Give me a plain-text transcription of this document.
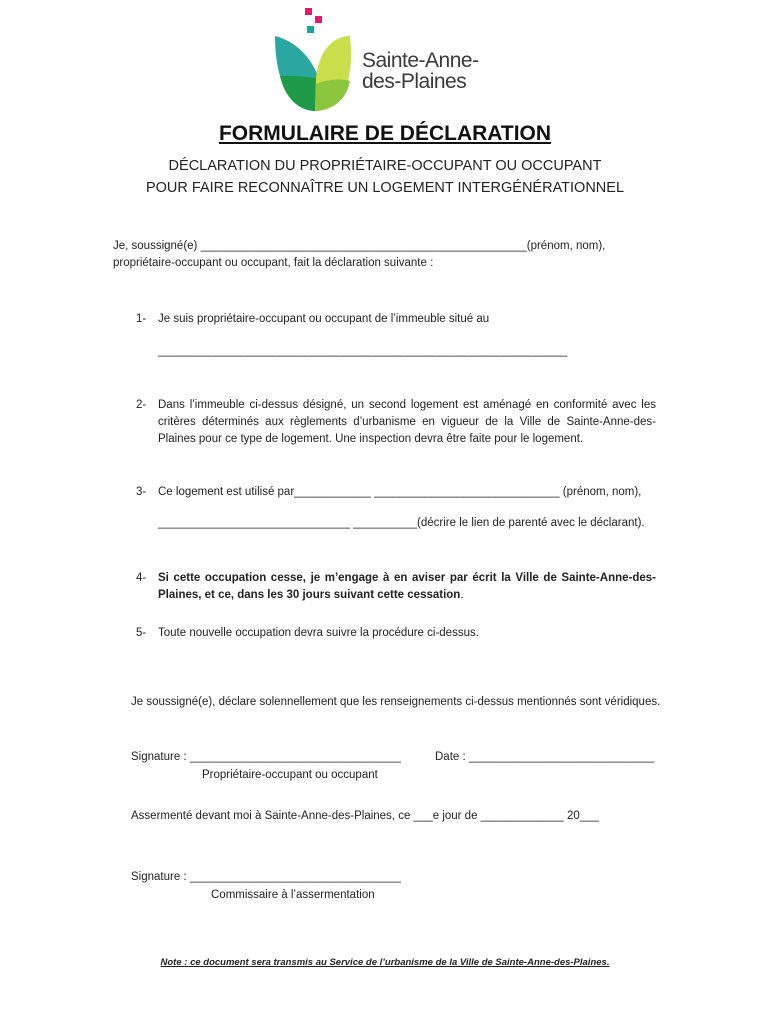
Sainte-Anne-
des-Plaines
FORMULAIRE DE DÉCLARATION
DÉCLARATION DU PROPRIÉTAIRE-OCCUPANT OU OCCUPANT
POUR FAIRE RECONNAÎTRE UN LOGEMENT INTERGÉNÉRATIONNEL
Je, soussigné(e) ___________________________________________________(prénom, nom),
propriétaire-occupant ou occupant, fait la déclaration suivante :
1- Je suis propriétaire-occupant ou occupant de l’immeuble situé au
________________________________________________________________
2- Dans l’immeuble ci-dessus désigné, un second logement est aménagé en conformité avec les critères déterminés aux règlements d’urbanisme en vigueur de la Ville de Sainte-Anne-des-Plaines pour ce type de logement. Une inspection devra être faite pour le logement.
3- Ce logement est utilisé par____________ _____________________________ (prénom, nom),
______________________________ __________(décrire le lien de parenté avec le déclarant).
4- Si cette occupation cesse, je m’engage à en aviser par écrit la Ville de Sainte-Anne-des-Plaines, et ce, dans les 30 jours suivant cette cessation.
5- Toute nouvelle occupation devra suivre la procédure ci-dessus.
Je soussigné(e), déclare solennellement que les renseignements ci-dessus mentionnés sont véridiques.
Signature : _________________________________
Propriétaire-occupant ou occupant
Date : _____________________________
Assermenté devant moi à Sainte-Anne-des-Plaines, ce ___e jour de _____________ 20___
Signature : _________________________________
Commissaire à l’assermentation
Note : ce document sera transmis au Service de l’urbanisme de la Ville de Sainte-Anne-des-Plaines.
